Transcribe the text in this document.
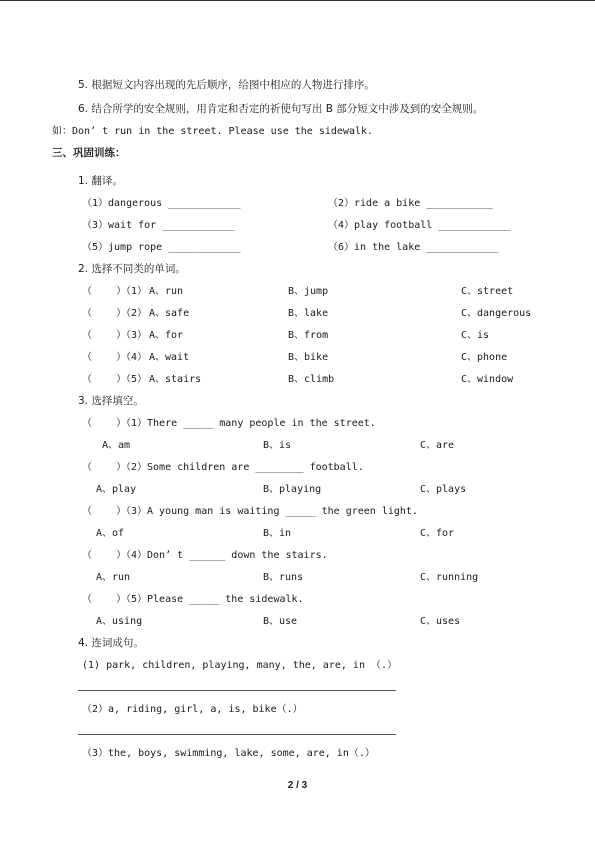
5. 根据短文内容出现的先后顺序，给图中相应的人物进行排序。
6. 结合所学的安全规则，用肯定和否定的祈使句写出 B 部分短文中涉及到的安全规则。
如：Don’ t run in the street. Please use the sidewalk.
三、巩固训练：
1. 翻译。
（1）dangerous ____________	（2）ride a bike ___________
（3）wait for ____________	（4）play football ____________
（5）jump rope ____________	（6）in the lake ____________
2. 选择不同类的单词。
（    ）
（1） A、run	B、jump	C、street
（    ）
（2） A、safe	B、lake	C、dangerous
（    ）
（3） A、for	B、from	C、is
（    ）
（4） A、wait	B、bike	C、phone
（    ）
（5） A、stairs	B、climb	C、window
3. 选择填空。
（    ）
（1）There _____ many people in the street.
A、am	B、is	C、are
（    ）
（2）Some children are ________ football.
A、play	B、playing	C、plays
（    ）
（3）A young man is waiting _____ the green light.
A、of	B、in	C、for
（    ）
（4）Don’ t ______ down the stairs.
A、run	B、runs	C、running
（    ）
（5）Please _____ the sidewalk.
A、using	B、use	C、uses
4. 连词成句。
(1) park, children, playing, many, the, are, in （.）
（2）a, riding, girl, a, is, bike（.）
（3）the, boys, swimming, lake, some, are, in（.）
2 / 3
